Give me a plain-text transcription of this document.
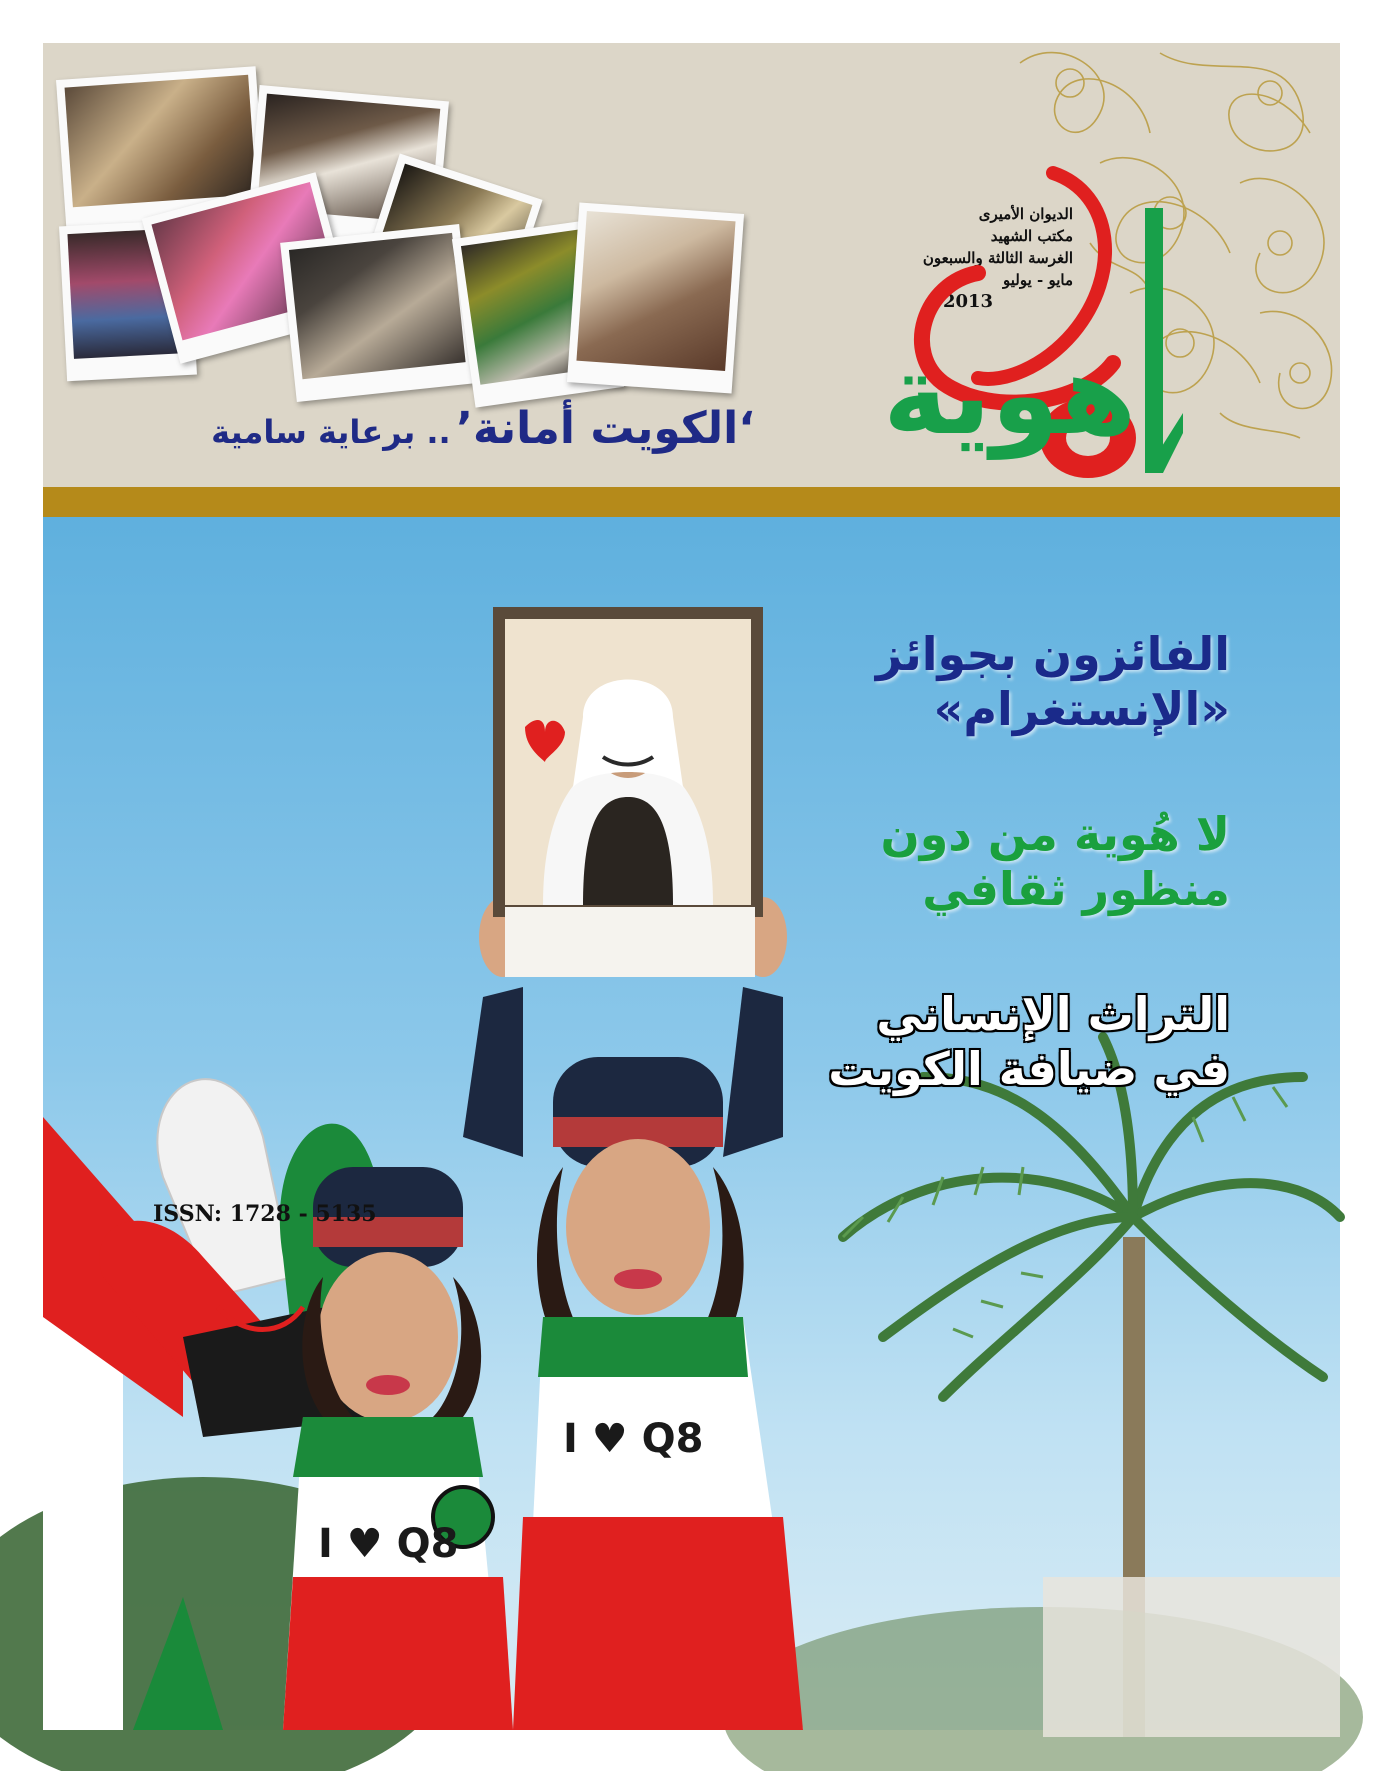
الديوان الأميرى
مكتب الشهيد
الغرسة الثالثة والسبعون
مايو - يوليو
2013
هوية
‘الكويت أمانة’ .. برعاية سامية
I ♥ Q8
I ♥ Q8
الفائزون بجوائز
«الإنستغرام»
لا هُوية من دون
منظور ثقافي
التراث الإنساني
في ضيافة الكويت
ISSN: 1728 - 5135
